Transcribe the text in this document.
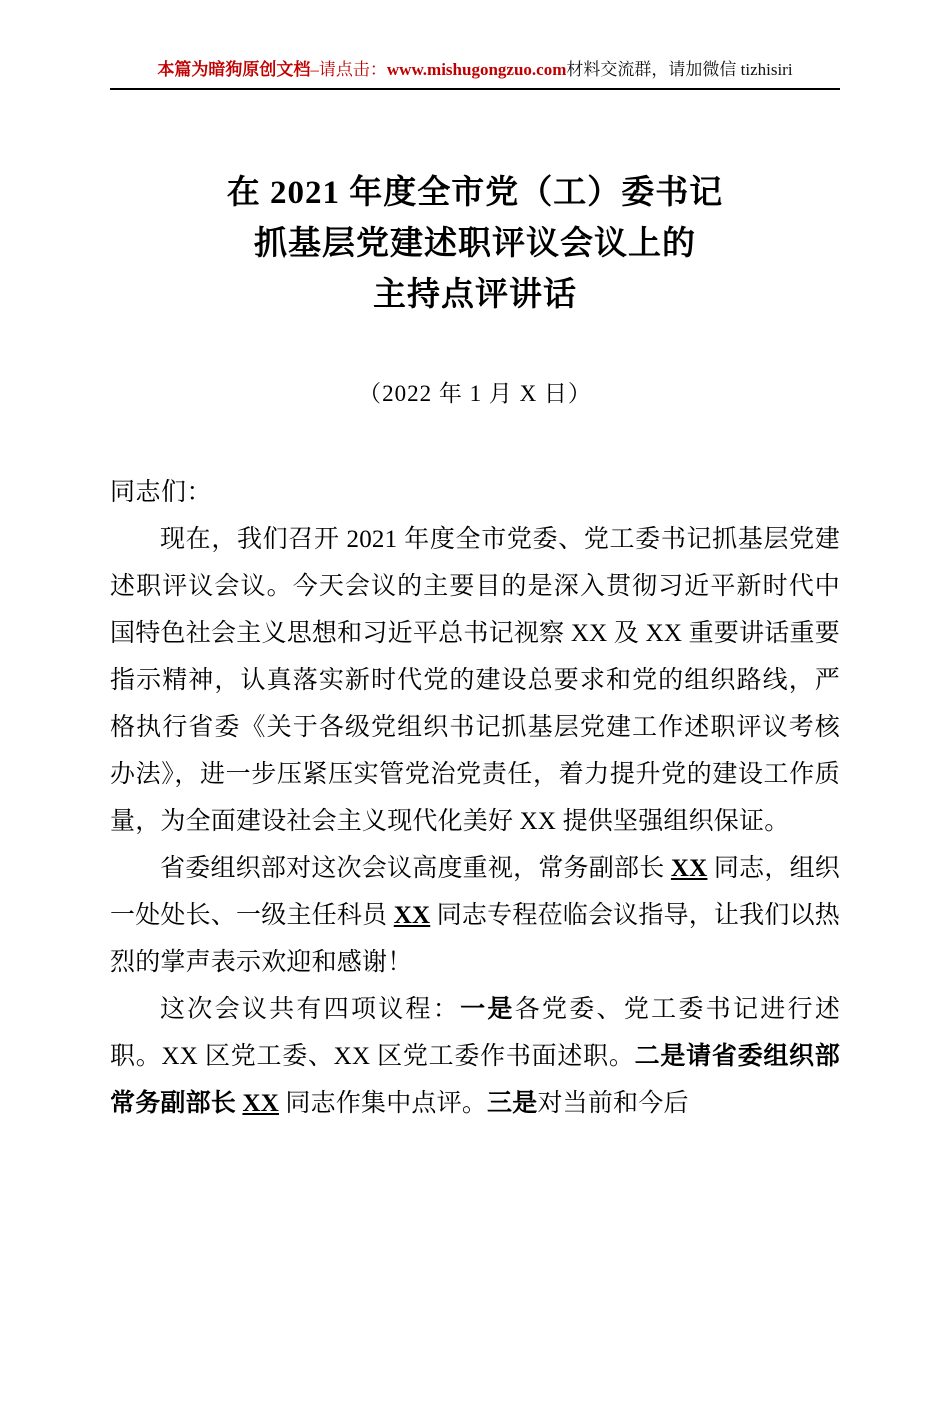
本篇为暗狗原创文档–请点击：www.mishugongzuo.com材料交流群，请加微信 tizhisiri
在 2021 年度全市党（工）委书记
抓基层党建述职评议会议上的
主持点评讲话
（2022 年 1 月 X 日）
同志们：

现在，我们召开 2021 年度全市党委、党工委书记抓基层党建述职评议会议。今天会议的主要目的是深入贯彻习近平新时代中国特色社会主义思想和习近平总书记视察 XX 及 XX 重要讲话重要指示精神，认真落实新时代党的建设总要求和党的组织路线，严格执行省委《关于各级党组织书记抓基层党建工作述职评议考核办法》，进一步压紧压实管党治党责任，着力提升党的建设工作质量，为全面建设社会主义现代化美好 XX 提供坚强组织保证。

省委组织部对这次会议高度重视，常务副部长 XX 同志，组织一处处长、一级主任科员 XX 同志专程莅临会议指导，让我们以热烈的掌声表示欢迎和感谢！

这次会议共有四项议程：一是各党委、党工委书记进行述职。XX 区党工委、XX 区党工委作书面述职。二是请省委组织部常务副部长 XX 同志作集中点评。三是对当前和今后
